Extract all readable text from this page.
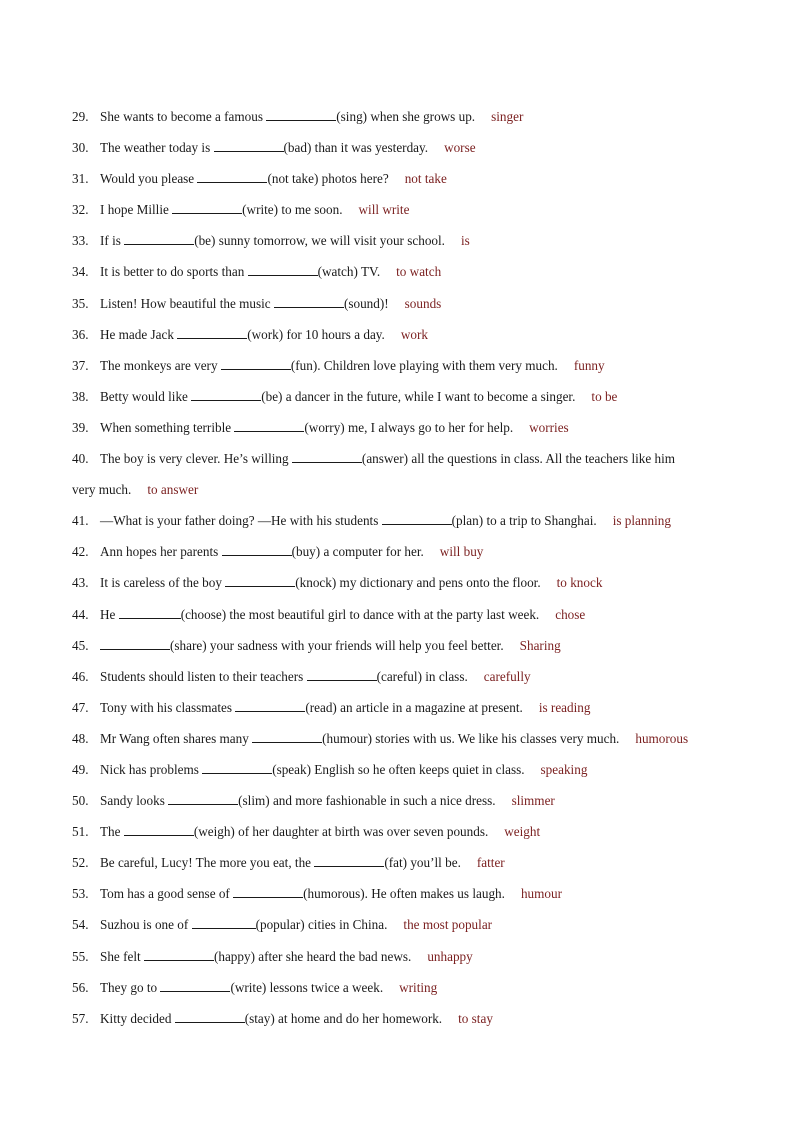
29. She wants to become a famous	(sing) when she grows up. singer
30. The weather today is	(bad) than it was yesterday. worse
31. Would you please	(not take) photos here? not take
32. I hope Millie	(write) to me soon. will write
33. If is	(be) sunny tomorrow, we will visit your school. is
34. It is better to do sports than	(watch) TV. to watch
35. Listen! How beautiful the music	(sound)! sounds
36. He made Jack	(work) for 10 hours a day. work
37. The monkeys are very	(fun). Children love playing with them very much. funny
38. Betty would like	(be) a dancer in the future, while I want to become a singer. to be
39. When something terrible	(worry) me, I always go to her for help. worries
40. The boy is very clever. He’s willing	(answer) all the questions in class. All the teachers like him
very much. to answer
41. —What is your father doing? —He with his students	(plan) to a trip to Shanghai. is planning
42. Ann hopes her parents	(buy) a computer for her. will buy
43. It is careless of the boy	(knock) my dictionary and pens onto the floor. to knock
44. He	(choose) the most beautiful girl to dance with at the party last week. chose
45.	(share) your sadness with your friends will help you feel better. Sharing
46. Students should listen to their teachers	(careful) in class. carefully
47. Tony with his classmates	(read) an article in a magazine at present. is reading
48. Mr Wang often shares many	(humour) stories with us. We like his classes very much. humorous
49. Nick has problems	(speak) English so he often keeps quiet in class. speaking
50. Sandy looks	(slim) and more fashionable in such a nice dress. slimmer
51. The	(weigh) of her daughter at birth was over seven pounds. weight
52. Be careful, Lucy! The more you eat, the	(fat) you’ll be. fatter
53. Tom has a good sense of	(humorous). He often makes us laugh. humour
54. Suzhou is one of	(popular) cities in China. the most popular
55. She felt	(happy) after she heard the bad news. unhappy
56. They go to	(write) lessons twice a week. writing
57. Kitty decided	(stay) at home and do her homework. to stay
